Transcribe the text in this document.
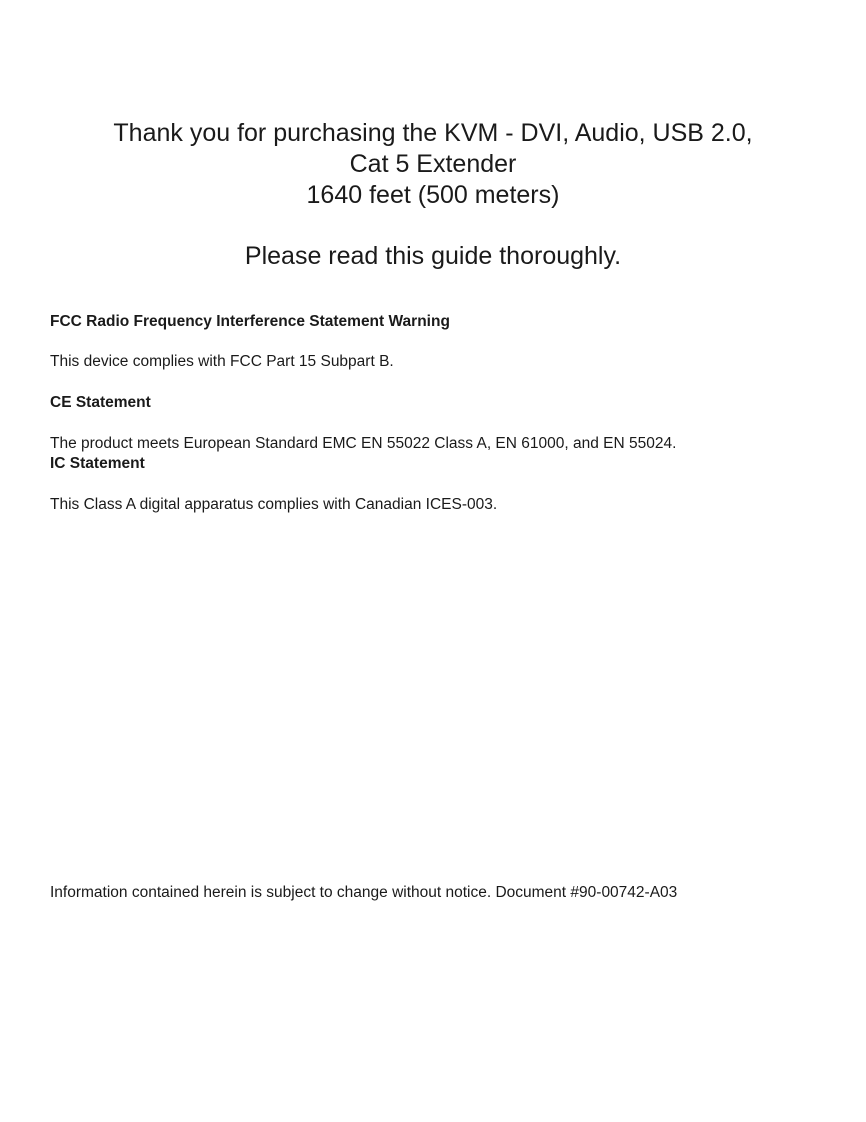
Thank you for purchasing the KVM - DVI, Audio, USB 2.0,
Cat 5 Extender
1640 feet (500 meters)
Please read this guide thoroughly.
FCC Radio Frequency Interference Statement Warning
This device complies with FCC Part 15 Subpart B.
CE Statement
The product meets European Standard EMC EN 55022 Class A, EN 61000, and EN 55024.
IC Statement
This Class A digital apparatus complies with Canadian ICES-003.
Information contained herein is subject to change without notice. Document #90-00742-A03
